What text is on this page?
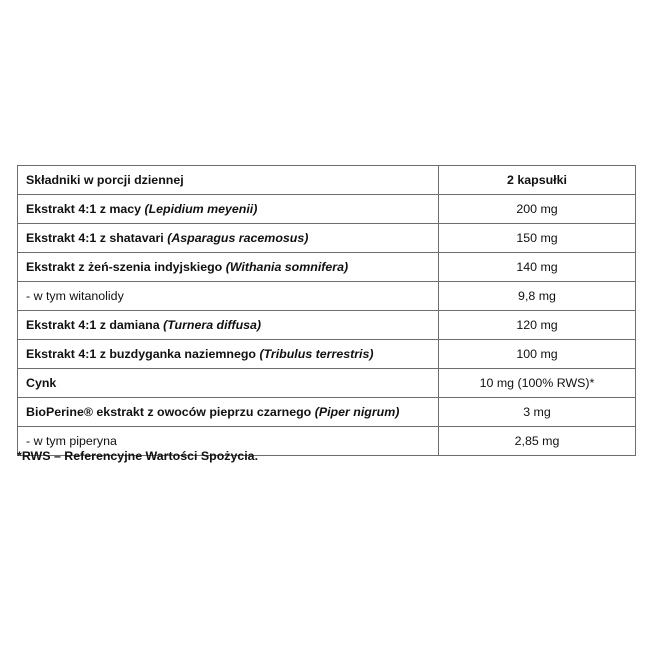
Składniki w porcji dziennej	2 kapsułki
Ekstrakt 4:1 z macy (Lepidium meyenii)	200 mg
Ekstrakt 4:1 z shatavari (Asparagus racemosus)	150 mg
Ekstrakt z żeń-szenia indyjskiego (Withania somnifera)	140 mg
- w tym witanolidy	9,8 mg
Ekstrakt 4:1 z damiana (Turnera diffusa)	120 mg
Ekstrakt 4:1 z buzdyganka naziemnego (Tribulus terrestris)	100 mg
Cynk	10 mg (100% RWS)*
BioPerine® ekstrakt z owoców pieprzu czarnego (Piper nigrum)	3 mg
- w tym piperyna	2,85 mg
*RWS – Referencyjne Wartości Spożycia.
